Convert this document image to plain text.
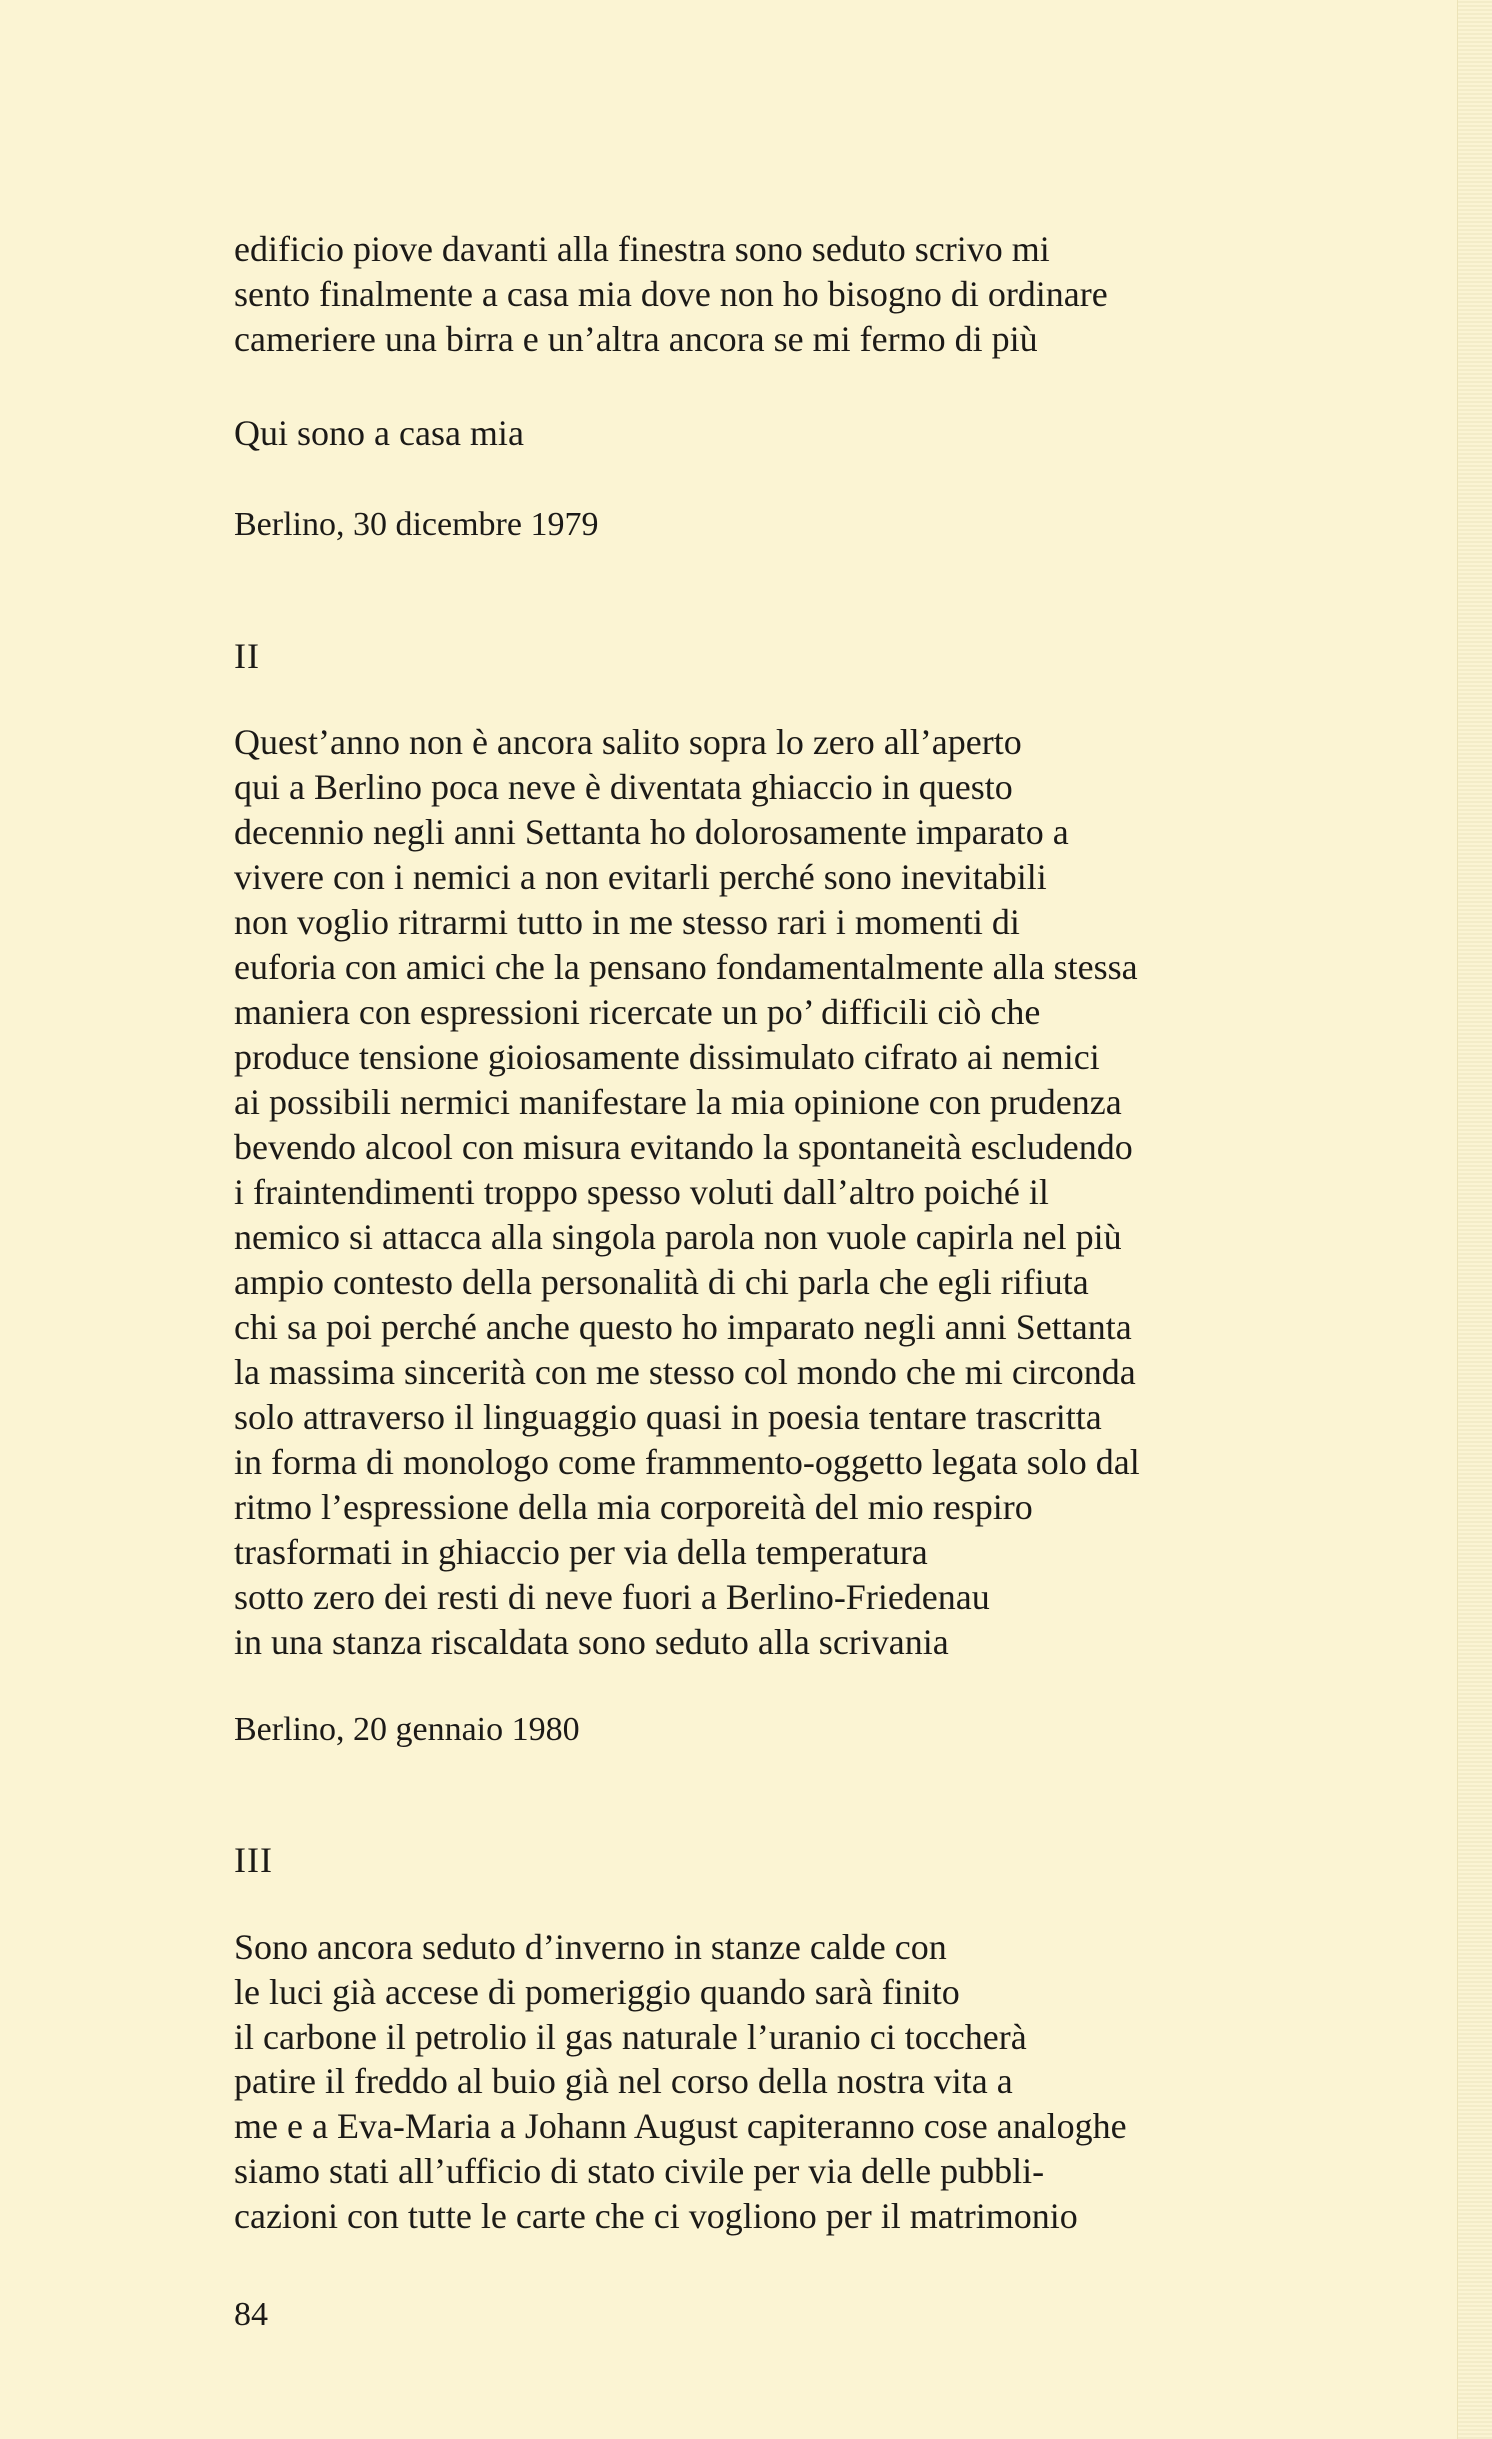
edificio piove davanti alla finestra sono seduto scrivo mi
sento finalmente a casa mia dove non ho bisogno di ordinare
cameriere una birra e un’altra ancora se mi fermo di più
Qui sono a casa mia
Berlino, 30 dicembre 1979
II
Quest’anno non è ancora salito sopra lo zero all’aperto
qui a Berlino poca neve è diventata ghiaccio in questo
decennio negli anni Settanta ho dolorosamente imparato a
vivere con i nemici a non evitarli perché sono inevitabili
non voglio ritrarmi tutto in me stesso rari i momenti di
euforia con amici che la pensano fondamentalmente alla stessa
maniera con espressioni ricercate un po’ difficili ciò che
produce tensione gioiosamente dissimulato cifrato ai nemici
ai possibili nermici manifestare la mia opinione con prudenza
bevendo alcool con misura evitando la spontaneità escludendo
i fraintendimenti troppo spesso voluti dall’altro poiché il
nemico si attacca alla singola parola non vuole capirla nel più
ampio contesto della personalità di chi parla che egli rifiuta
chi sa poi perché anche questo ho imparato negli anni Settanta
la massima sincerità con me stesso col mondo che mi circonda
solo attraverso il linguaggio quasi in poesia tentare trascritta
in forma di monologo come frammento-oggetto legata solo dal
ritmo l’espressione della mia corporeità del mio respiro
trasformati in ghiaccio per via della temperatura
sotto zero dei resti di neve fuori a Berlino-Friedenau
in una stanza riscaldata sono seduto alla scrivania
Berlino, 20 gennaio 1980
III
Sono ancora seduto d’inverno in stanze calde con
le luci già accese di pomeriggio quando sarà finito
il carbone il petrolio il gas naturale l’uranio ci toccherà
patire il freddo al buio già nel corso della nostra vita a
me e a Eva-Maria a Johann August capiteranno cose analoghe
siamo stati all’ufficio di stato civile per via delle pubbli-
cazioni con tutte le carte che ci vogliono per il matrimonio
84
